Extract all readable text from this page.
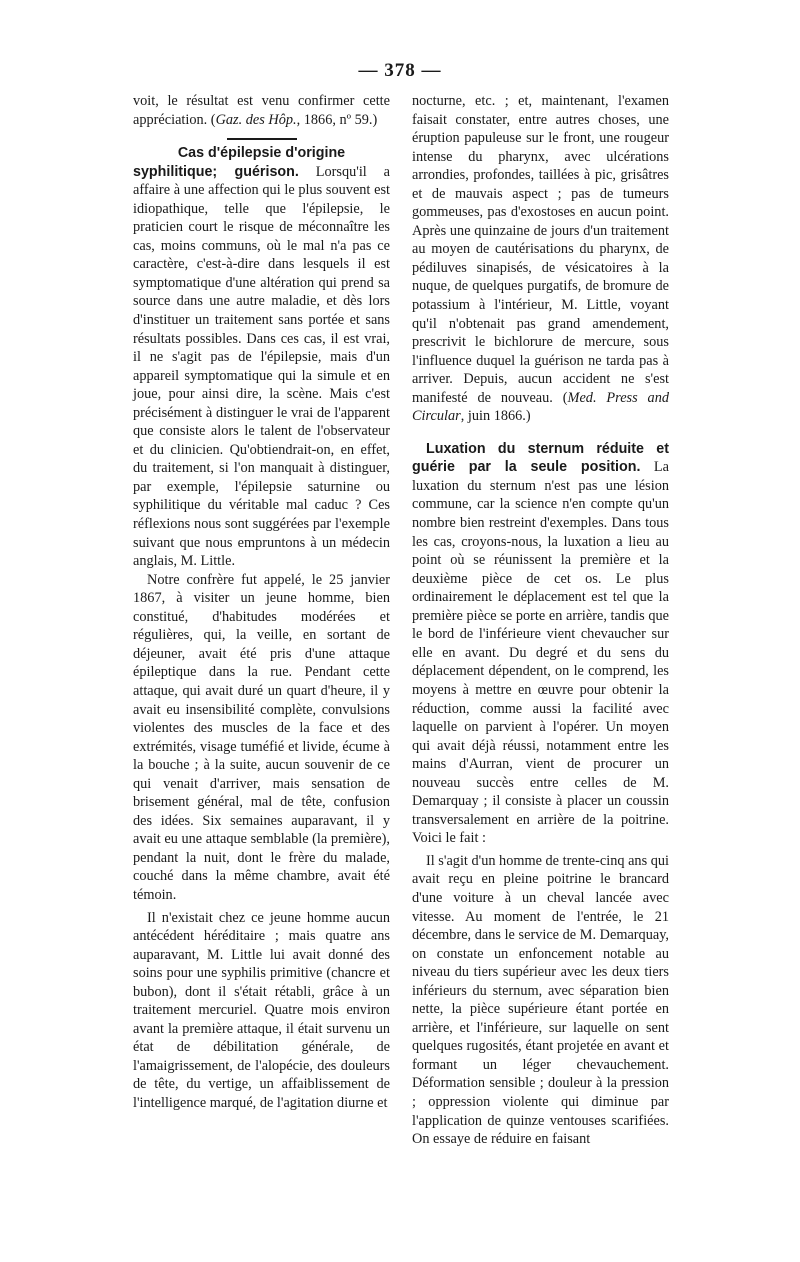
— 378 —

voit, le résultat est venu confirmer cette appréciation. (Gaz. des Hôp., 1866, nº 59.)

Cas d'épilepsie d'origine
syphilitique; guérison. Lorsqu'il a affaire à une affection qui le plus souvent est idiopathique, telle que l'épilepsie, le praticien court le risque de méconnaître les cas, moins communs, où le mal n'a pas ce caractère, c'est-à-dire dans lesquels il est symptomatique d'une altération qui prend sa source dans une autre maladie, et dès lors d'instituer un traitement sans portée et sans résultats possibles. Dans ces cas, il est vrai, il ne s'agit pas de l'épilepsie, mais d'un appareil symptomatique qui la simule et en joue, pour ainsi dire, la scène. Mais c'est précisément à distinguer le vrai de l'apparent que consiste alors le talent de l'observateur et du clinicien. Qu'obtiendrait-on, en effet, du traitement, si l'on manquait à distinguer, par exemple, l'épilepsie saturnine ou syphilitique du véritable mal caduc ? Ces réflexions nous sont suggérées par l'exemple suivant que nous empruntons à un médecin anglais, M. Little.

Notre confrère fut appelé, le 25 janvier 1867, à visiter un jeune homme, bien constitué, d'habitudes modérées et régulières, qui, la veille, en sortant de déjeuner, avait été pris d'une attaque épileptique dans la rue. Pendant cette attaque, qui avait duré un quart d'heure, il y avait eu insensibilité complète, convulsions violentes des muscles de la face et des extrémités, visage tuméfié et livide, écume à la bouche ; à la suite, aucun souvenir de ce qui venait d'arriver, mais sensation de brisement général, mal de tête, confusion des idées. Six semaines auparavant, il y avait eu une attaque semblable (la première), pendant la nuit, dont le frère du malade, couché dans la même chambre, avait été témoin.

Il n'existait chez ce jeune homme aucun antécédent héréditaire ; mais quatre ans auparavant, M. Little lui avait donné des soins pour une syphilis primitive (chancre et bubon), dont il s'était rétabli, grâce à un traitement mercuriel. Quatre mois environ avant la première attaque, il était survenu un état de débilitation générale, de l'amaigrissement, de l'alopécie, des douleurs de tête, du vertige, un affaiblissement de l'intelligence marqué, de l'agitation diurne et

nocturne, etc. ; et, maintenant, l'examen faisait constater, entre autres choses, une éruption papuleuse sur le front, une rougeur intense du pharynx, avec ulcérations arrondies, profondes, taillées à pic, grisâtres et de mauvais aspect ; pas de tumeurs gommeuses, pas d'exostoses en aucun point. Après une quinzaine de jours d'un traitement au moyen de cautérisations du pharynx, de pédiluves sinapisés, de vésicatoires à la nuque, de quelques purgatifs, de bromure de potassium à l'intérieur, M. Little, voyant qu'il n'obtenait pas grand amendement, prescrivit le bichlorure de mercure, sous l'influence duquel la guérison ne tarda pas à arriver. Depuis, aucun accident ne s'est manifesté de nouveau. (Med. Press and Circular, juin 1866.)

Luxation du sternum réduite et guérie par la seule position. La luxation du sternum n'est pas une lésion commune, car la science n'en compte qu'un nombre bien restreint d'exemples. Dans tous les cas, croyons-nous, la luxation a lieu au point où se réunissent la première et la deuxième pièce de cet os. Le plus ordinairement le déplacement est tel que la première pièce se porte en arrière, tandis que le bord de l'inférieure vient chevaucher sur elle en avant. Du degré et du sens du déplacement dépendent, on le comprend, les moyens à mettre en œuvre pour obtenir la réduction, comme aussi la facilité avec laquelle on parvient à l'opérer. Un moyen qui avait déjà réussi, notamment entre les mains d'Aurran, vient de procurer un nouveau succès entre celles de M. Demarquay ; il consiste à placer un coussin transversalement en arrière de la poitrine. Voici le fait :

Il s'agit d'un homme de trente-cinq ans qui avait reçu en pleine poitrine le brancard d'une voiture à un cheval lancée avec vitesse. Au moment de l'entrée, le 21 décembre, dans le service de M. Demarquay, on constate un enfoncement notable au niveau du tiers supérieur avec les deux tiers inférieurs du sternum, avec séparation bien nette, la pièce supérieure étant portée en arrière, et l'inférieure, sur laquelle on sent quelques rugosités, étant projetée en avant et formant un léger chevauchement. Déformation sensible ; douleur à la pression ; oppression violente qui diminue par l'application de quinze ventouses scarifiées. On essaye de réduire en faisant
